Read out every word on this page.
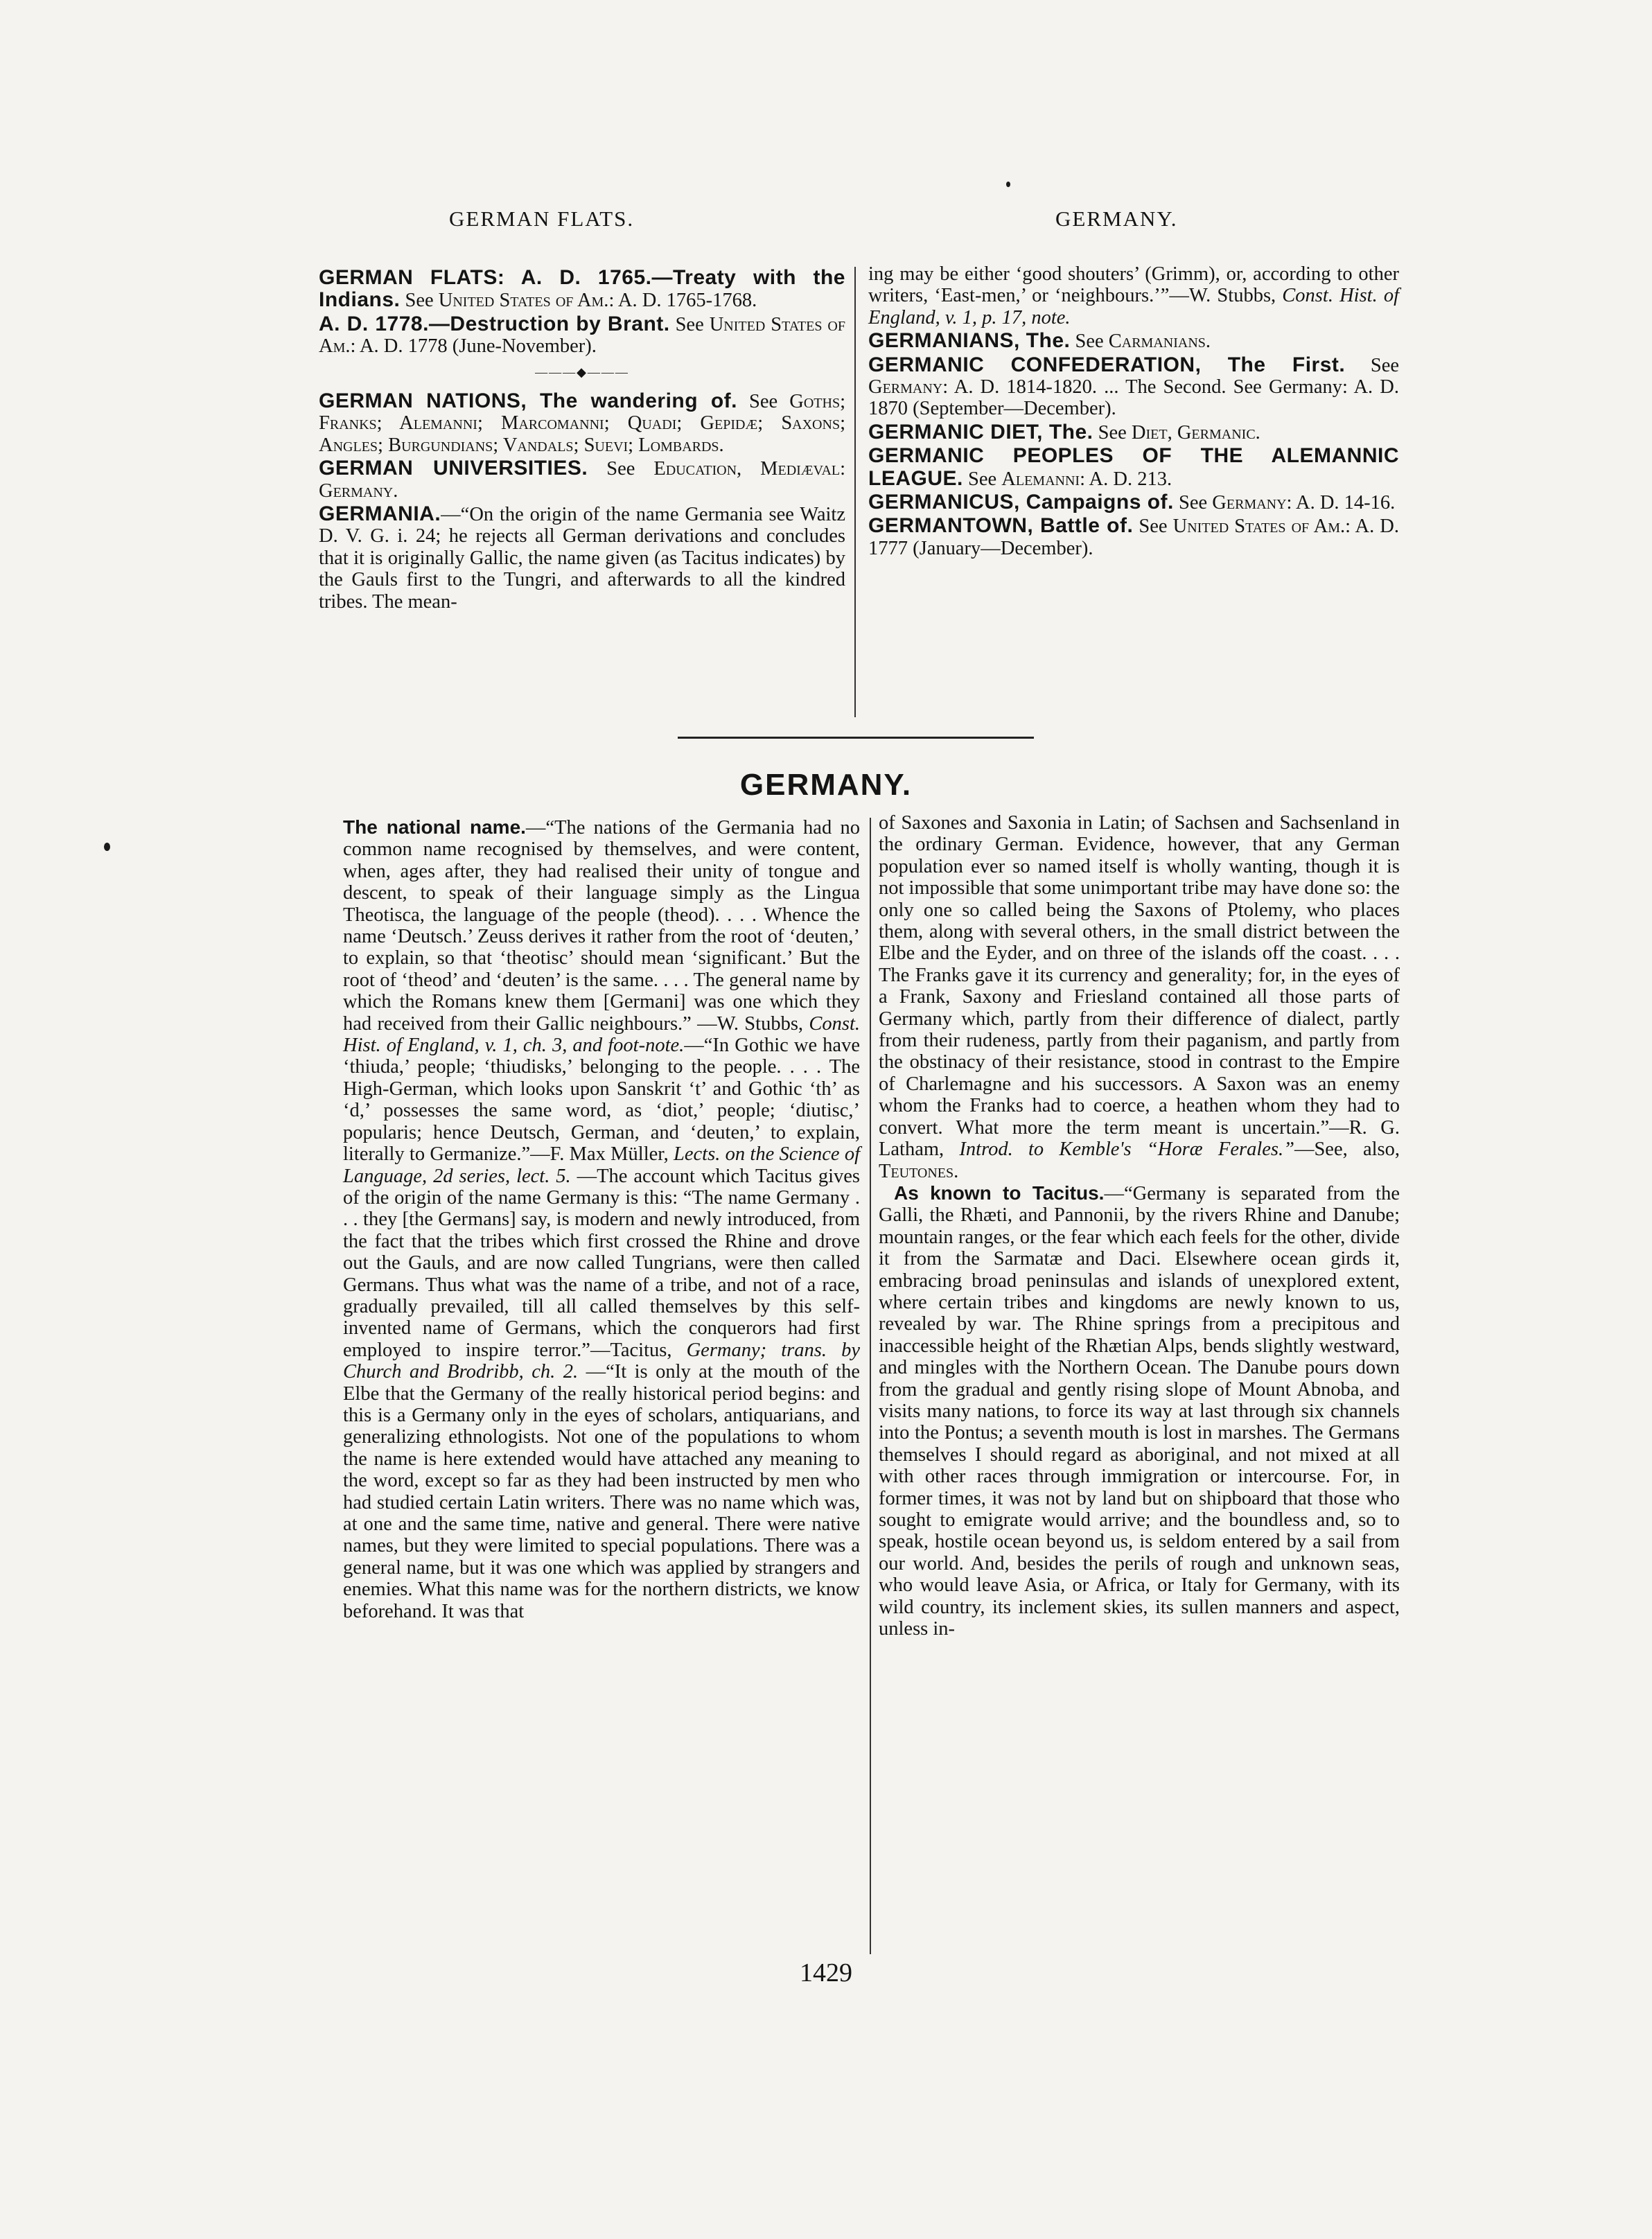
GERMAN FLATS.	GERMANY.

GERMAN FLATS: A. D. 1765.—Treaty with the Indians. See United States of Am.: A. D. 1765-1768.

A. D. 1778.—Destruction by Brant. See United States of Am.: A. D. 1778 (June-November).

———◆———

GERMAN NATIONS, The wandering of. See Goths; Franks; Alemanni; Marcomanni; Quadi; Gepidæ; Saxons; Angles; Burgundians; Vandals; Suevi; Lombards.

GERMAN UNIVERSITIES. See Education, Mediæval: Germany.

GERMANIA.—“On the origin of the name Germania see Waitz D. V. G. i. 24; he rejects all German derivations and concludes that it is originally Gallic, the name given (as Tacitus indicates) by the Gauls first to the Tungri, and afterwards to all the kindred tribes. The mean-

ing may be either ‘good shouters’ (Grimm), or, according to other writers, ‘East-men,’ or ‘neighbours.’”—W. Stubbs, Const. Hist. of England, v. 1, p. 17, note.

GERMANIANS, The. See Carmanians.

GERMANIC CONFEDERATION, The First. See Germany: A. D. 1814-1820. ... The Second. See Germany: A. D. 1870 (September—December).

GERMANIC DIET, The. See Diet, Germanic.

GERMANIC PEOPLES OF THE ALEMANNIC LEAGUE. See Alemanni: A. D. 213.

GERMANICUS, Campaigns of. See Germany: A. D. 14-16.

GERMANTOWN, Battle of. See United States of Am.: A. D. 1777 (January—December).

GERMANY.

The national name.—“The nations of the Germania had no common name recognised by themselves, and were content, when, ages after, they had realised their unity of tongue and descent, to speak of their language simply as the Lingua Theotisca, the language of the people (theod). . . . Whence the name ‘Deutsch.’ Zeuss derives it rather from the root of ‘deuten,’ to explain, so that ‘theotisc’ should mean ‘significant.’ But the root of ‘theod’ and ‘deuten’ is the same. . . . The general name by which the Romans knew them [Germani] was one which they had received from their Gallic neighbours.” —W. Stubbs, Const. Hist. of England, v. 1, ch. 3, and foot-note.—“In Gothic we have ‘thiuda,’ people; ‘thiudisks,’ belonging to the people. . . . The High-German, which looks upon Sanskrit ‘t’ and Gothic ‘th’ as ‘d,’ possesses the same word, as ‘diot,’ people; ‘diutisc,’ popularis; hence Deutsch, German, and ‘deuten,’ to explain, literally to Germanize.”—F. Max Müller, Lects. on the Science of Language, 2d series, lect. 5. —The account which Tacitus gives of the origin of the name Germany is this: “The name Germany . . . they [the Germans] say, is modern and newly introduced, from the fact that the tribes which first crossed the Rhine and drove out the Gauls, and are now called Tungrians, were then called Germans. Thus what was the name of a tribe, and not of a race, gradually prevailed, till all called themselves by this self-invented name of Germans, which the conquerors had first employed to inspire terror.”—Tacitus, Germany; trans. by Church and Brodribb, ch. 2. —“It is only at the mouth of the Elbe that the Germany of the really historical period begins: and this is a Germany only in the eyes of scholars, antiquarians, and generalizing ethnologists. Not one of the populations to whom the name is here extended would have attached any meaning to the word, except so far as they had been instructed by men who had studied certain Latin writers. There was no name which was, at one and the same time, native and general. There were native names, but they were limited to special populations. There was a general name, but it was one which was applied by strangers and enemies. What this name was for the northern districts, we know beforehand. It was that

of Saxones and Saxonia in Latin; of Sachsen and Sachsenland in the ordinary German. Evidence, however, that any German population ever so named itself is wholly wanting, though it is not impossible that some unimportant tribe may have done so: the only one so called being the Saxons of Ptolemy, who places them, along with several others, in the small district between the Elbe and the Eyder, and on three of the islands off the coast. . . . The Franks gave it its currency and generality; for, in the eyes of a Frank, Saxony and Friesland contained all those parts of Germany which, partly from their difference of dialect, partly from their rudeness, partly from their paganism, and partly from the obstinacy of their resistance, stood in contrast to the Empire of Charlemagne and his successors. A Saxon was an enemy whom the Franks had to coerce, a heathen whom they had to convert. What more the term meant is uncertain.”—R. G. Latham, Introd. to Kemble's “Horæ Ferales.”—See, also, Teutones.

As known to Tacitus.—“Germany is separated from the Galli, the Rhæti, and Pannonii, by the rivers Rhine and Danube; mountain ranges, or the fear which each feels for the other, divide it from the Sarmatæ and Daci. Elsewhere ocean girds it, embracing broad peninsulas and islands of unexplored extent, where certain tribes and kingdoms are newly known to us, revealed by war. The Rhine springs from a precipitous and inaccessible height of the Rhætian Alps, bends slightly westward, and mingles with the Northern Ocean. The Danube pours down from the gradual and gently rising slope of Mount Abnoba, and visits many nations, to force its way at last through six channels into the Pontus; a seventh mouth is lost in marshes. The Germans themselves I should regard as aboriginal, and not mixed at all with other races through immigration or intercourse. For, in former times, it was not by land but on shipboard that those who sought to emigrate would arrive; and the boundless and, so to speak, hostile ocean beyond us, is seldom entered by a sail from our world. And, besides the perils of rough and unknown seas, who would leave Asia, or Africa, or Italy for Germany, with its wild country, its inclement skies, its sullen manners and aspect, unless in-

1429
